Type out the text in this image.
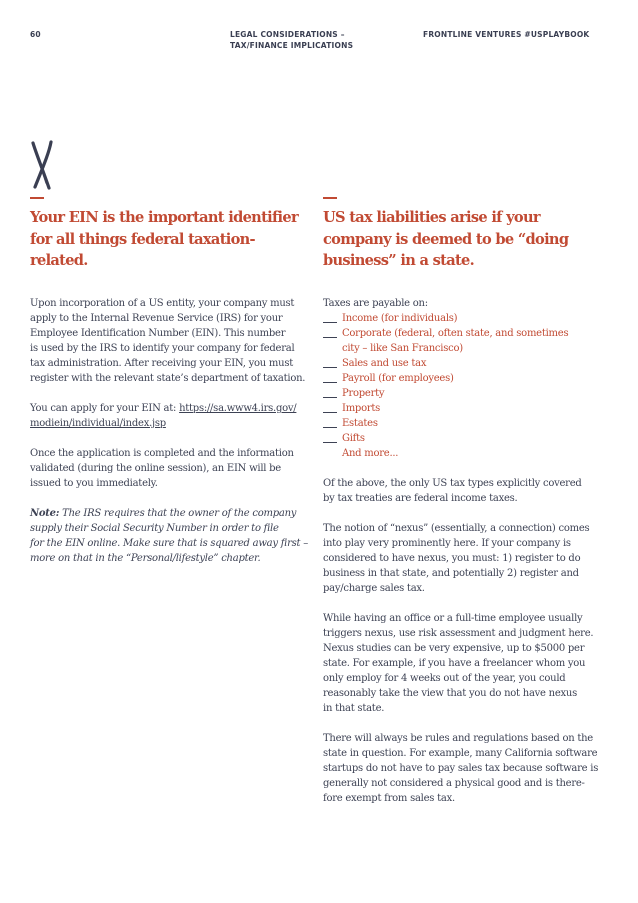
60	LEGAL CONSIDERATIONS –
TAX/FINANCE IMPLICATIONS
FRONTLINE VENTURES #USPLAYBOOK
Your EIN is the important identifier
for all things federal taxation-
related.
US tax liabilities arise if your
company is deemed to be “doing
business” in a state.

Upon incorporation of a US entity, your company must
apply to the Internal Revenue Service (IRS) for your
Employee Identification Number (EIN). This number
is used by the IRS to identify your company for federal
tax administration. After receiving your EIN, you must
register with the relevant state’s department of taxation.

You can apply for your EIN at: https://sa.www4.irs.gov/
modiein/individual/index.jsp

Once the application is completed and the information
validated (during the online session), an EIN will be
issued to you immediately.

Note: The IRS requires that the owner of the company
supply their Social Security Number in order to file
for the EIN online. Make sure that is squared away first –
more on that in the “Personal/lifestyle” chapter.

Taxes are payable on:
Income (for individuals)
Corporate (federal, often state, and sometimes
city – like San Francisco)
Sales and use tax
Payroll (for employees)
Property
Imports
Estates
Gifts
And more...

Of the above, the only US tax types explicitly covered
by tax treaties are federal income taxes.

The notion of “nexus” (essentially, a connection) comes
into play very prominently here. If your company is
considered to have nexus, you must: 1) register to do
business in that state, and potentially 2) register and
pay/charge sales tax.

While having an office or a full-time employee usually
triggers nexus, use risk assessment and judgment here.
Nexus studies can be very expensive, up to $5000 per
state. For example, if you have a freelancer whom you
only employ for 4 weeks out of the year, you could
reasonably take the view that you do not have nexus
in that state.

There will always be rules and regulations based on the
state in question. For example, many California software
startups do not have to pay sales tax because software is
generally not considered a physical good and is there-
fore exempt from sales tax.
